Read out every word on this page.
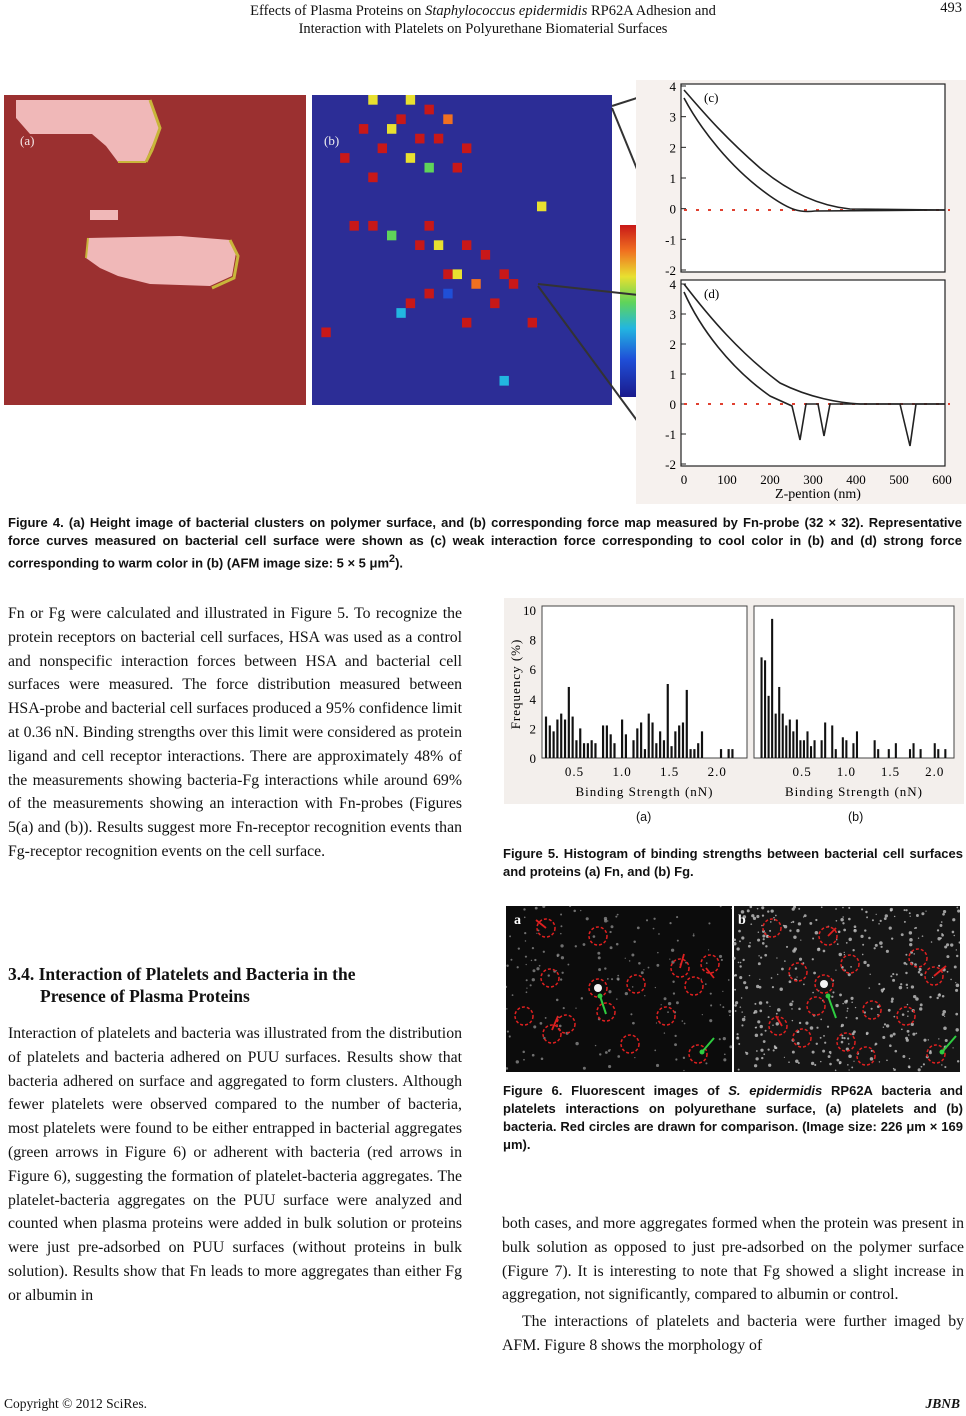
Effects of Plasma Proteins on Staphylococcus epidermidis RP62A Adhesion and
Interaction with Platelets on Polyurethane Biomaterial Surfaces
493
(a)	(b)
4
3
2
1
0
-1
-2
(c)
4
3
2
1
0
-1
-2
(d)
0 100 200 300 400 500 600
Z-pention (nm)
Figure 4. (a) Height image of bacterial clusters on polymer surface, and (b) corresponding force map measured by Fn-probe (32 × 32). Representative force curves measured on bacterial cell surface were shown as (c) weak interaction force corresponding to cool color in (b) and (d) strong force corresponding to warm color in (b) (AFM image size: 5 × 5 $\mu m^2$).

Fn or Fg were calculated and illustrated in Figure 5. To recognize the protein receptors on bacterial cell surfaces, HSA was used as a control and nonspecific interaction forces between HSA and bacterial cell surfaces were measured. The force distribution measured between HSA-probe and bacterial cell surfaces produced a 95% confidence limit at 0.36 nN. Binding strengths over this limit were considered as protein ligand and cell receptor interactions. There are approximately 48% of the measurements showing bacteria-Fg interactions while around 69% of the measurements showing an interaction with Fn-probes (Figures 5(a) and (b)). Results suggest more Fn-receptor recognition events than Fg-receptor recognition events on the cell surface.

3.4. Interaction of Platelets and Bacteria in the
Presence of Plasma Proteins

Interaction of platelets and bacteria was illustrated from the distribution of platelets and bacteria adhered on PUU surfaces. Results show that bacteria adhered on surface and aggregated to form clusters. Although fewer platelets were observed compared to the number of bacteria, most platelets were found to be either entrapped in bacterial aggregates (green arrows in Figure 6) or adherent with bacteria (red arrows in Figure 6), suggesting the formation of platelet-bacteria aggregates. The platelet-bacteria aggregates on the PUU surface were analyzed and counted when plasma proteins were added in bulk solution or proteins were just pre-adsorbed on PUU surfaces (without proteins in bulk solution). Results show that Fn leads to more aggregates than either Fg or albumin in

0.5 1.0 1.5 2.0
Binding Strength (nN)
10
8
6
4
2
0
Frequency (%)
0.5 1.0 1.5 2.0
Binding Strength (nN)
(a)	(b)
Figure 5. Histogram of binding strengths between bacterial cell surfaces and proteins (a) Fn, and (b) Fg.
a	b
Figure 6. Fluorescent images of S. epidermidis RP62A bacteria and platelets interactions on polyurethane surface, (a) platelets and (b) bacteria. Red circles are drawn for comparison. (Image size: 226 μm × 169 μm).

both cases, and more aggregates formed when the protein was present in bulk solution as opposed to just pre-adsorbed on the polymer surface (Figure 7). It is interesting to note that Fg showed a slight increase in aggregation, not significantly, compared to albumin or control.

The interactions of platelets and bacteria were further imaged by AFM. Figure 8 shows the morphology of

Copyright © 2012 SciRes.	JBNB
